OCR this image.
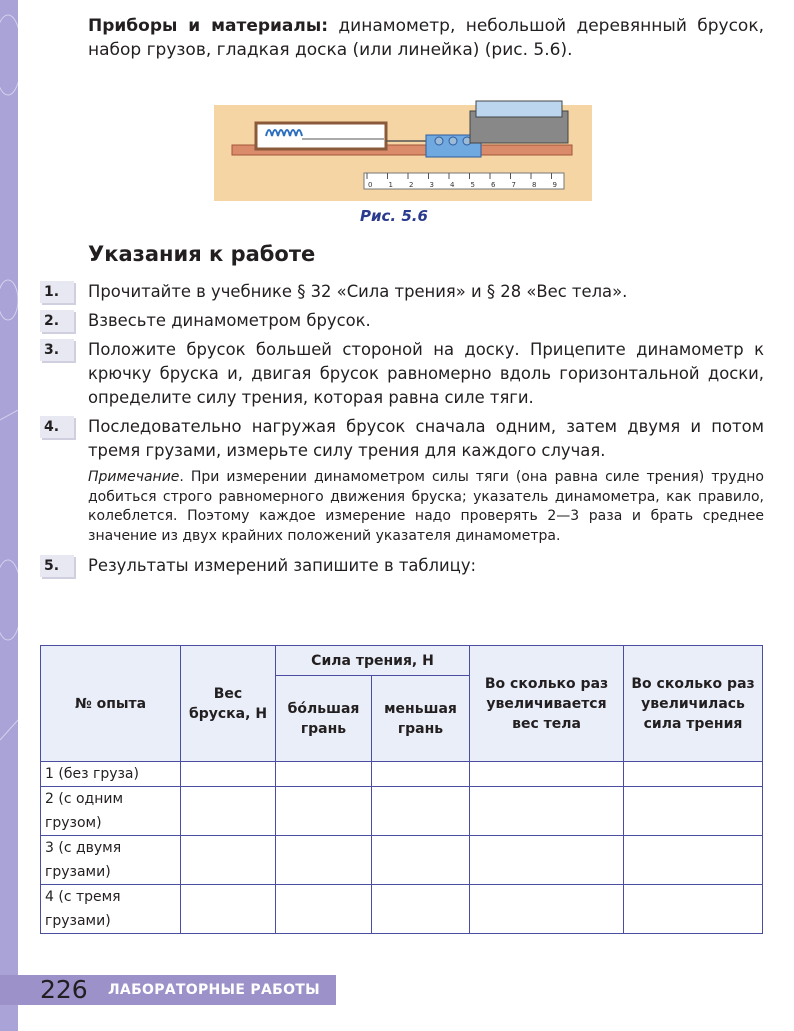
Приборы и материалы: динамометр, небольшой деревянный брусок, набор грузов, гладкая доска (или линейка) (рис. 5.6).
0 1 2 3 4 5 6 7 8 9
Рис. 5.6
Указания к работе
1.	Прочитайте в учебнике § 32 «Сила трения» и § 28 «Вес тела».
2.	Взвесьте динамометром брусок.
3.	Положите брусок большей стороной на доску. Прицепите динамометр к крючку бруска и, двигая брусок равномерно вдоль горизонтальной доски, определите силу трения, которая равна силе тяги.
4.	Последовательно нагружая брусок сначала одним, затем двумя и потом тремя грузами, измерьте силу трения для каждого случая.
Примечание. При измерении динамометром силы тяги (она равна силе трения) трудно добиться строго равномерного движения бруска; указатель динамометра, как правило, колеблется. Поэтому каждое измерение надо проверять 2—3 раза и брать среднее значение из двух крайних положений указателя динамометра.
5.	Результаты измерений запишите в таблицу:
№ опыта	Вес бруска, Н	Сила трения, Н		Во сколько раз увеличивается вес тела	Во сколько раз увеличилась сила трения
		бóльшая грань	меньшая грань		
1 (без груза)					
2 (с одним грузом)					
3 (с двумя грузами)					
4 (с тремя грузами)					
226 ЛАБОРАТОРНЫЕ РАБОТЫ
